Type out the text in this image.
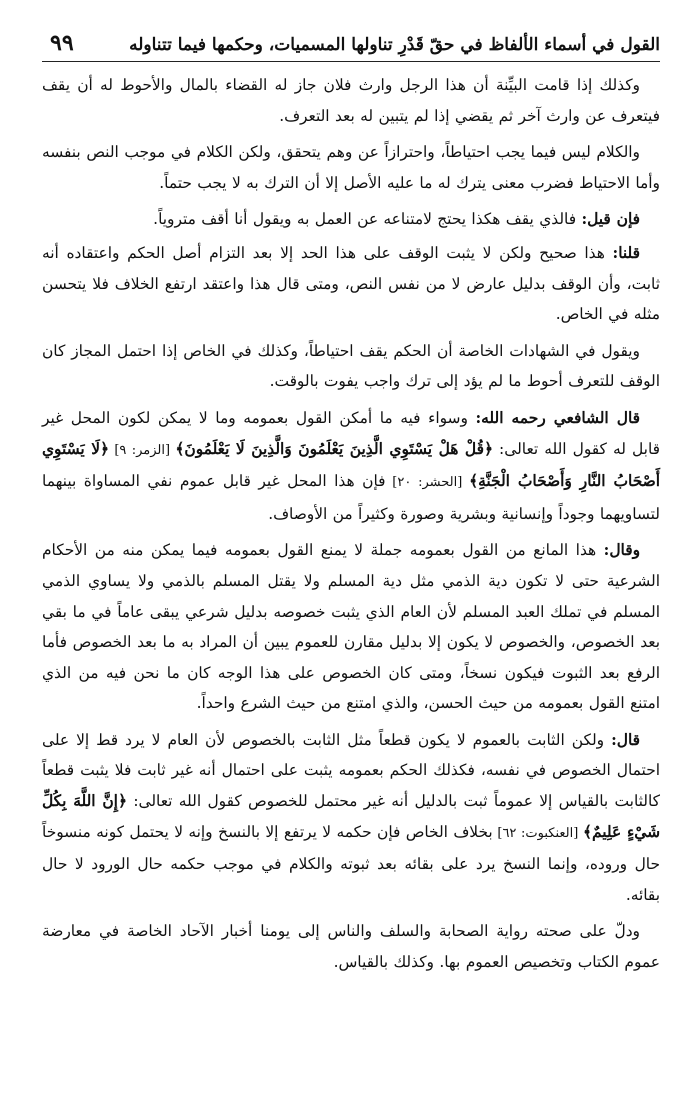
القول في أسماء الألفاظ في حقّ قَدْرِ تناولها المسميات، وحكمها فيما تتناوله
٩٩

وكذلك إذا قامت البيِّنة أن هذا الرجل وارث فلان جاز له القضاء بالمال والأحوط له أن يقف فيتعرف عن وارث آخر ثم يقضي إذا لم يتبين له بعد التعرف.

والكلام ليس فيما يجب احتياطاً، واحترازاً عن وهم يتحقق، ولكن الكلام في موجب النص بنفسه وأما الاحتياط فضرب معنى يترك له ما عليه الأصل إلا أن الترك به لا يجب حتماً.

فإن قيل: فالذي يقف هكذا يحتج لامتناعه عن العمل به ويقول أنا أقف متروياً.

قلنا: هذا صحيح ولكن لا يثبت الوقف على هذا الحد إلا بعد التزام أصل الحكم واعتقاده أنه ثابت، وأن الوقف بدليل عارض لا من نفس النص، ومتى قال هذا واعتقد ارتفع الخلاف فلا يتحسن مثله في الخاص.

ويقول في الشهادات الخاصة أن الحكم يقف احتياطاً، وكذلك في الخاص إذا احتمل المجاز كان الوقف للتعرف أحوط ما لم يؤد إلى ترك واجب يفوت بالوقت.

قال الشافعي رحمه الله: وسواء فيه ما أمكن القول بعمومه وما لا يمكن لكون المحل غير قابل له كقول الله تعالى: ﴿قُلْ هَلْ يَسْتَوِي الَّذِينَ يَعْلَمُونَ وَالَّذِينَ لَا يَعْلَمُونَ﴾ [الزمر: ٩] ﴿لَا يَسْتَوِي أَصْحَابُ النَّارِ وَأَصْحَابُ الْجَنَّةِ﴾ [الحشر: ٢٠] فإن هذا المحل غير قابل عموم نفي المساواة بينهما لتساويهما وجوداً وإنسانية وبشرية وصورة وكثيراً من الأوصاف.

وقال: هذا المانع من القول بعمومه جملة لا يمنع القول بعمومه فيما يمكن منه من الأحكام الشرعية حتى لا تكون دية الذمي مثل دية المسلم ولا يقتل المسلم بالذمي ولا يساوي الذمي المسلم في تملك العبد المسلم لأن العام الذي يثبت خصوصه بدليل شرعي يبقى عاماً في ما بقي بعد الخصوص، والخصوص لا يكون إلا بدليل مقارن للعموم يبين أن المراد به ما بعد الخصوص فأما الرفع بعد الثبوت فيكون نسخاً، ومتى كان الخصوص على هذا الوجه كان ما نحن فيه من الذي امتنع القول بعمومه من حيث الحسن، والذي امتنع من حيث الشرع واحداً.

قال: ولكن الثابت بالعموم لا يكون قطعاً مثل الثابت بالخصوص لأن العام لا يرد قط إلا على احتمال الخصوص في نفسه، فكذلك الحكم بعمومه يثبت على احتمال أنه غير ثابت فلا يثبت قطعاً كالثابت بالقياس إلا عموماً ثبت بالدليل أنه غير محتمل للخصوص كقول الله تعالى: ﴿إِنَّ اللَّهَ بِكُلِّ شَيْءٍ عَلِيمٌ﴾ [العنكبوت: ٦٢] بخلاف الخاص فإن حكمه لا يرتفع إلا بالنسخ وإنه لا يحتمل كونه منسوخاً حال وروده، وإنما النسخ يرد على بقائه بعد ثبوته والكلام في موجب حكمه حال الورود لا حال بقائه.

ودلّ على صحته رواية الصحابة والسلف والناس إلى يومنا أخبار الآحاد الخاصة في معارضة عموم الكتاب وتخصيص العموم بها. وكذلك بالقياس.
